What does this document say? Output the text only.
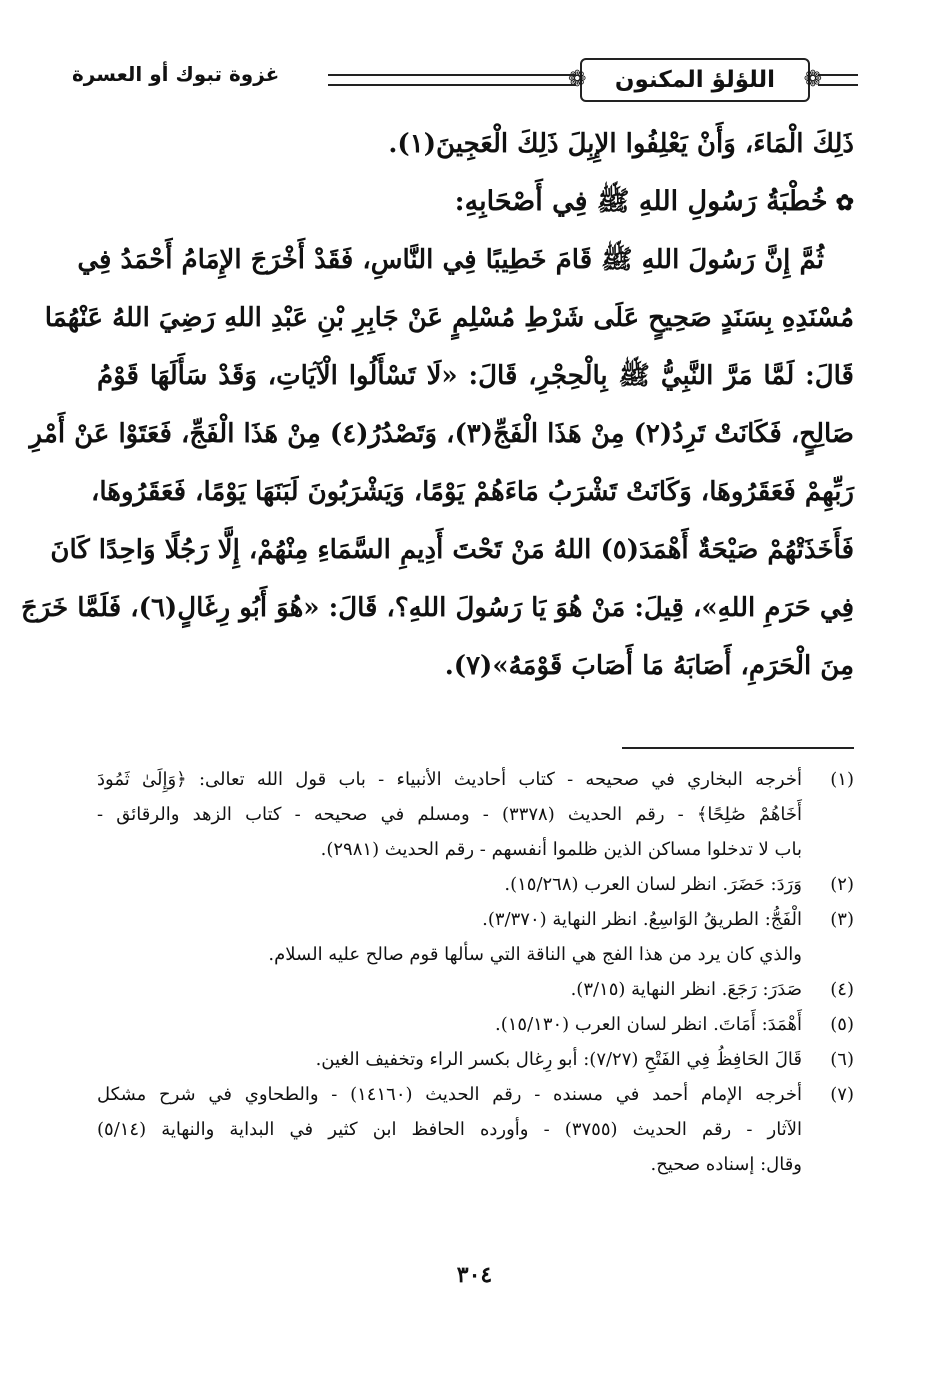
❁
اللؤلؤ المكنون
❁
غزوة تبوك أو العسرة
ذَلِكَ الْمَاءَ، وَأَنْ يَعْلِفُوا الإِبِلَ ذَلِكَ الْعَجِينَ(١).
✿خُطْبَةُ رَسُولِ اللهِ ﷺ فِي أَصْحَابِهِ:
ثُمَّ إِنَّ رَسُولَ اللهِ ﷺ قَامَ خَطِيبًا فِي النَّاسِ، فَقَدْ أَخْرَجَ الإِمَامُ أَحْمَدُ فِي
مُسْنَدِهِ بِسَنَدٍ صَحِيحٍ عَلَى شَرْطِ مُسْلِمٍ عَنْ جَابِرِ بْنِ عَبْدِ اللهِ رَضِيَ اللهُ عَنْهُمَا
قَالَ: لَمَّا مَرَّ النَّبِيُّ ﷺ بِالْحِجْرِ، قَالَ: «لَا تَسْأَلُوا الْآيَاتِ، وَقَدْ سَأَلَهَا قَوْمُ
صَالِحٍ، فَكَانَتْ تَرِدُ(٢) مِنْ هَذَا الْفَجِّ(٣)، وَتَصْدُرُ(٤) مِنْ هَذَا الْفَجِّ، فَعَتَوْا عَنْ أَمْرِ
رَبِّهِمْ فَعَقَرُوهَا، وَكَانَتْ تَشْرَبُ مَاءَهُمْ يَوْمًا، وَيَشْرَبُونَ لَبَنَهَا يَوْمًا، فَعَقَرُوهَا،
فَأَخَذَتْهُمْ صَيْحَةٌ أَهْمَدَ(٥) اللهُ مَنْ تَحْتَ أَدِيمِ السَّمَاءِ مِنْهُمْ، إِلَّا رَجُلًا وَاحِدًا كَانَ
فِي حَرَمِ اللهِ»، قِيلَ: مَنْ هُوَ يَا رَسُولَ اللهِ؟، قَالَ: «هُوَ أَبُو رِغَالٍ(٦)، فَلَمَّا خَرَجَ
مِنَ الْحَرَمِ، أَصَابَهُ مَا أَصَابَ قَوْمَهُ»(٧).
(١)
أخرجه البخاري في صحيحه - كتاب أحاديث الأنبياء - باب قول الله تعالى: ﴿وَإِلَىٰ ثَمُودَ
أَخَاهُمْ صَٰلِحًا﴾ - رقم الحديث (٣٣٧٨) - ومسلم في صحيحه - كتاب الزهد والرقائق -
باب لا تدخلوا مساكن الذين ظلموا أنفسهم - رقم الحديث (٢٩٨١).
(٢)
وَرَدَ: حَضَرَ. انظر لسان العرب (١٥/٢٦٨).
(٣)
الْفَجُّ: الطريقُ الوَاسِعُ. انظر النهاية (٣/٣٧٠).
والذي كان يرد من هذا الفج هي الناقة التي سألها قوم صالح عليه السلام.
(٤)
صَدَرَ: رَجَعَ. انظر النهاية (٣/١٥).
(٥)
أَهْمَدَ: أَمَاتَ. انظر لسان العرب (١٥/١٣٠).
(٦)
قَالَ الحَافِظُ فِي الفَتْحِ (٧/٢٧): أبو رِغال بكسر الراء وتخفيف الغين.
(٧)
أخرجه الإمام أحمد في مسنده - رقم الحديث (١٤١٦٠) - والطحاوي في شرح مشكل
الآثار - رقم الحديث (٣٧٥٥) - وأورده الحافظ ابن كثير في البداية والنهاية (٥/١٤)
وقال: إسناده صحيح.
٣٠٤
